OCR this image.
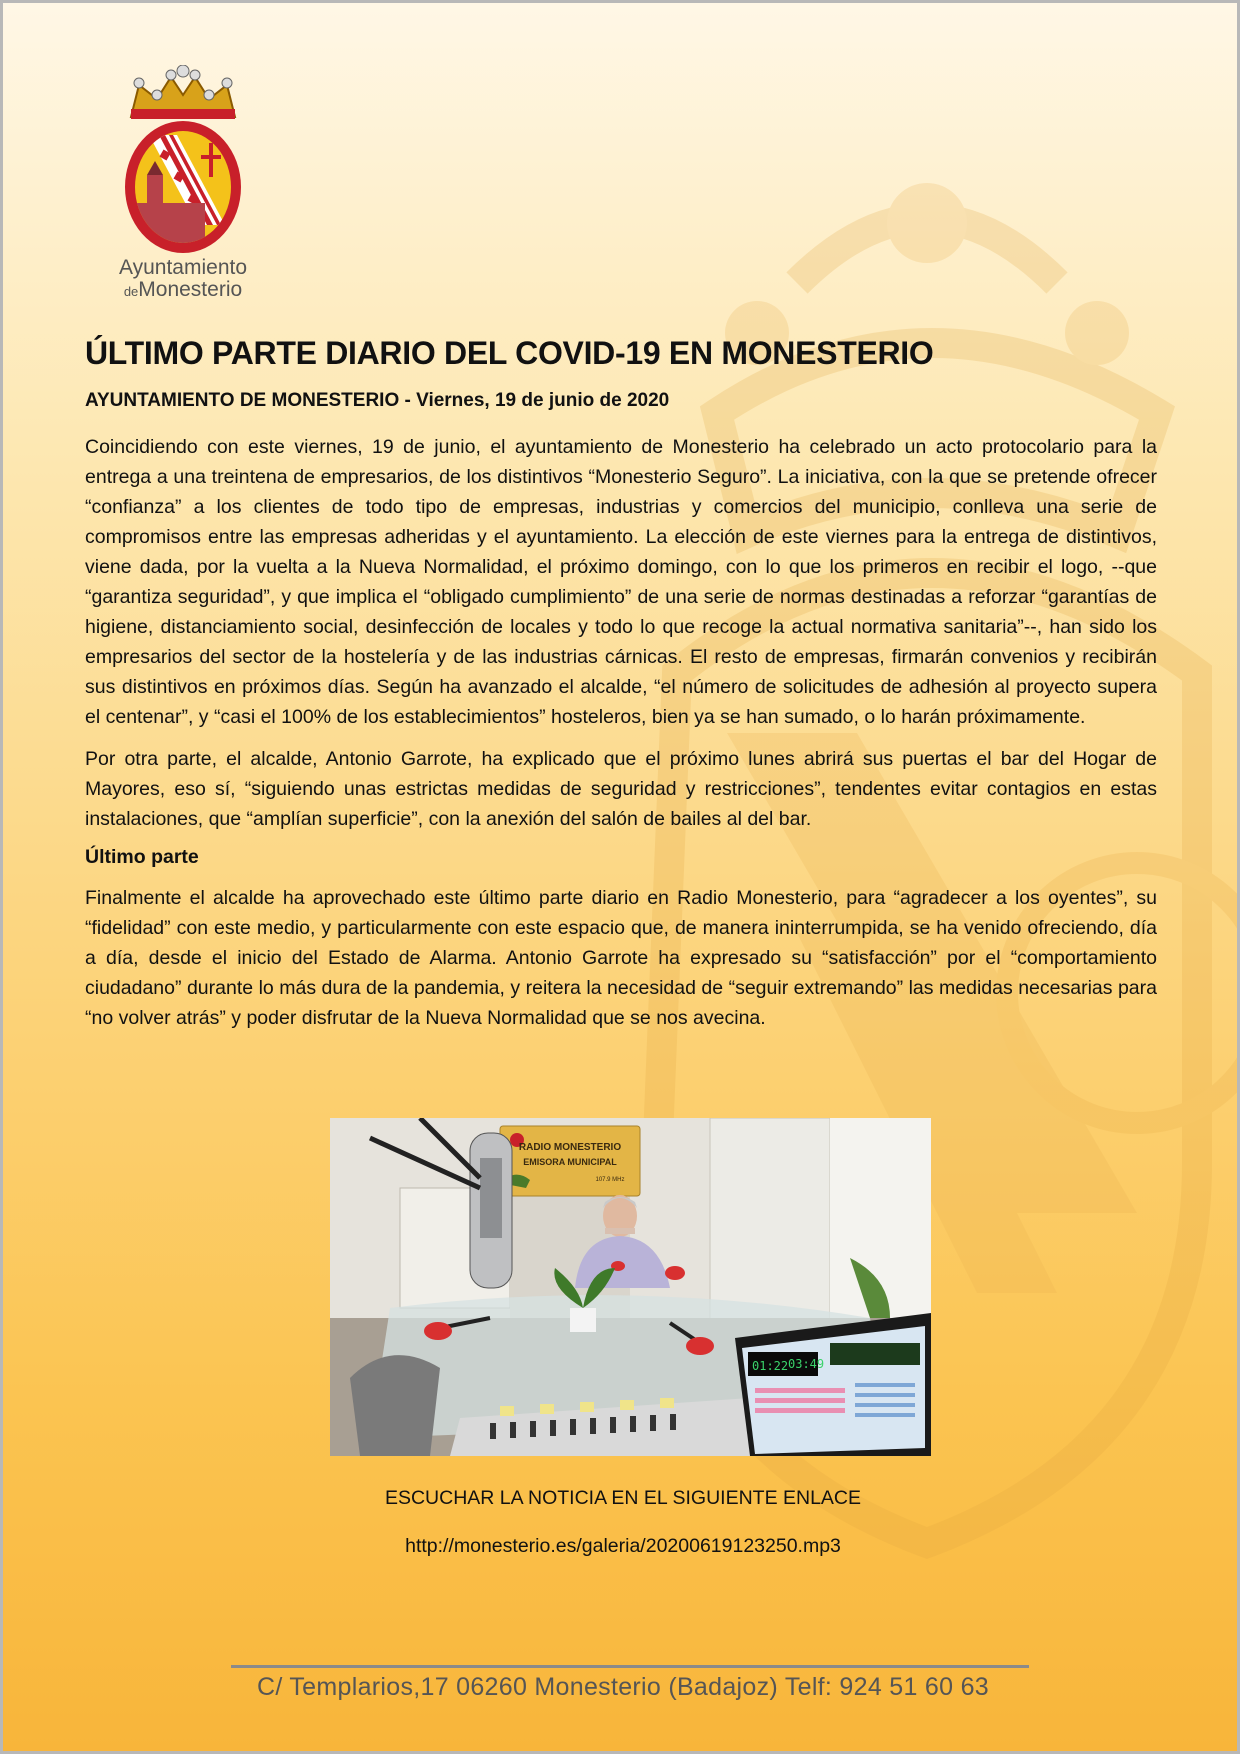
Ayuntamiento
deMonesterio
ÚLTIMO PARTE DIARIO DEL COVID-19 EN MONESTERIO
AYUNTAMIENTO DE MONESTERIO - Viernes, 19 de junio de 2020

Coincidiendo con este viernes, 19 de junio, el ayuntamiento de Monesterio ha celebrado un acto protocolario para la entrega a una treintena de empresarios, de los distintivos “Monesterio Seguro”. La iniciativa, con la que se pretende ofrecer “confianza” a los clientes de todo tipo de empresas, industrias y comercios del municipio, conlleva una serie de compromisos entre las empresas adheridas y el ayuntamiento. La elección de este viernes para la entrega de distintivos, viene dada, por la vuelta a la Nueva Normalidad, el próximo domingo, con lo que los primeros en recibir el logo, --que “garantiza seguridad”, y que implica el “obligado cumplimiento” de una serie de normas destinadas a reforzar “garantías de higiene, distanciamiento social, desinfección de locales y todo lo que recoge la actual normativa sanitaria”--, han sido los empresarios del sector de la hostelería y de las industrias cárnicas. El resto de empresas, firmarán convenios y recibirán sus distintivos en próximos días. Según ha avanzado el alcalde, “el número de solicitudes de adhesión al proyecto supera el centenar”, y “casi el 100% de los establecimientos” hosteleros, bien ya se han sumado, o lo harán próximamente.

Por otra parte, el alcalde, Antonio Garrote, ha explicado que el próximo lunes abrirá sus puertas el bar del Hogar de Mayores, eso sí, “siguiendo unas estrictas medidas de seguridad y restricciones”, tendentes evitar contagios en estas instalaciones, que “amplían superficie”, con la anexión del salón de bailes al del bar.

Último parte

Finalmente el alcalde ha aprovechado este último parte diario en Radio Monesterio, para “agradecer a los oyentes”, su “fidelidad” con este medio, y particularmente con este espacio que, de manera ininterrumpida, se ha venido ofreciendo, día a día, desde el inicio del Estado de Alarma. Antonio Garrote ha expresado su “satisfacción” por el “comportamiento ciudadano” durante lo más dura de la pandemia, y reitera la necesidad de “seguir extremando” las medidas necesarias para “no volver atrás” y poder disfrutar de la Nueva Normalidad que se nos avecina.

RADIO MONESTERIO
EMISORA MUNICIPAL
107.9 MHz
01:22 03:49
ESCUCHAR LA NOTICIA EN EL SIGUIENTE ENLACE
http://monesterio.es/galeria/20200619123250.mp3
C/ Templarios,17 06260 Monesterio (Badajoz) Telf: 924 51 60 63
